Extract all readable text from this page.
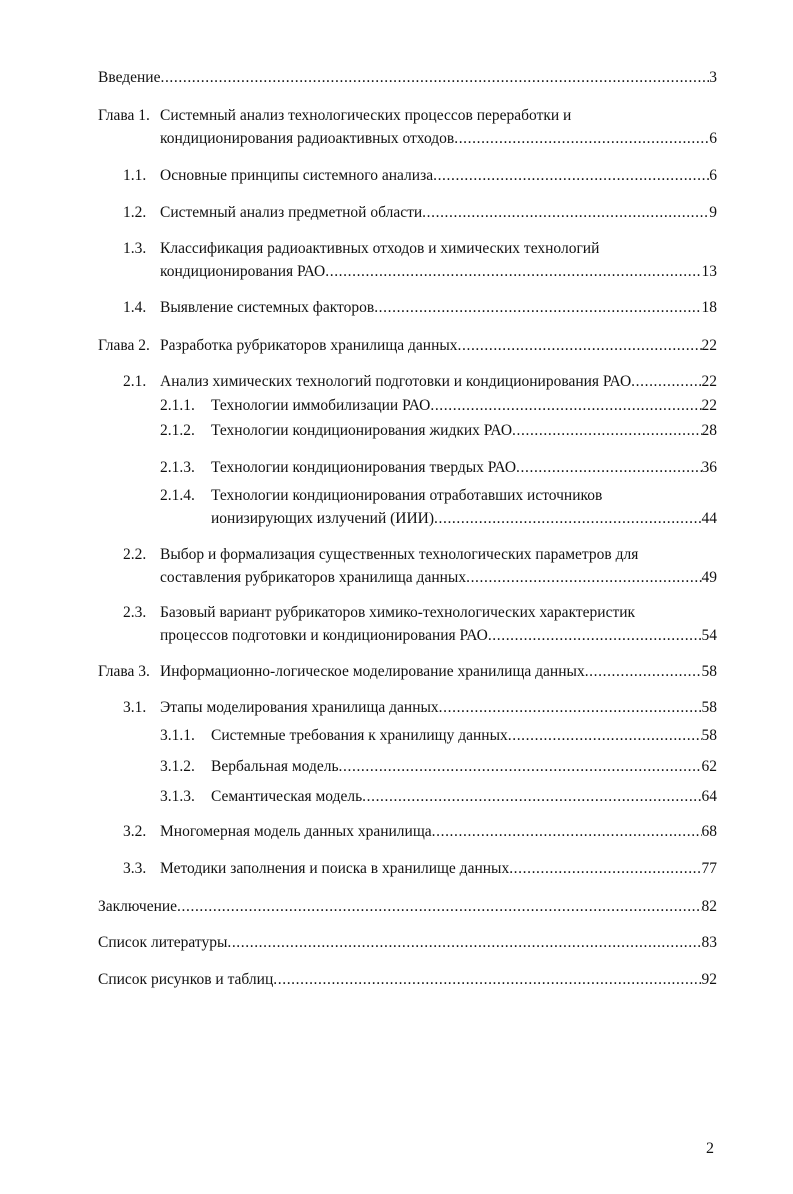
Введение .....	3
Глава 1. Системный анализ технологических процессов переработки и
кондиционирования радиоактивных отходов .....	6
1.1. Основные принципы системного анализа .....	6
1.2. Системный анализ предметной области .....	9
1.3. Классификация радиоактивных отходов и химических технологий
кондиционирования РАО .....	13
1.4. Выявление системных факторов .....	18
Глава 2. Разработка рубрикаторов хранилища данных .....	22
2.1. Анализ химических технологий подготовки и кондиционирования РАО .....	22
2.1.1. Технологии иммобилизации РАО .....	22
2.1.2. Технологии кондиционирования жидких РАО .....	28
2.1.3. Технологии кондиционирования твердых РАО .....	36
2.1.4. Технологии кондиционирования отработавших источников
ионизирующих излучений (ИИИ) .....	44
2.2. Выбор и формализация существенных технологических параметров для
составления рубрикаторов хранилища данных .....	49
2.3. Базовый вариант рубрикаторов химико-технологических характеристик
процессов подготовки и кондиционирования РАО .....	54
Глава 3. Информационно-логическое моделирование хранилища данных .....	58
3.1. Этапы моделирования хранилища данных .....	58
3.1.1. Системные требования к хранилищу данных .....	58
3.1.2. Вербальная модель .....	62
3.1.3. Семантическая модель .....	64
3.2. Многомерная модель данных хранилища .....	68
3.3. Методики заполнения и поиска в хранилище данных .....	77
Заключение .....	82
Список литературы .....	83
Список рисунков и таблиц .....	92
2
